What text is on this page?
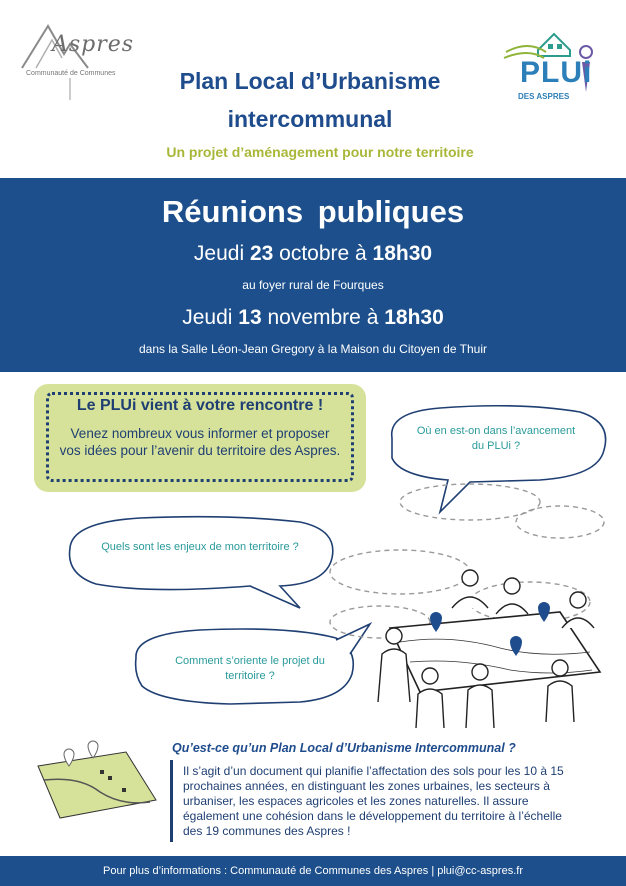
Aspres
Communauté de Communes	PLUi
DES ASPRES
Plan Local d’Urbanisme
intercommunal
Un projet d’aménagement pour notre territoire
Réunions publiques
Jeudi 23 octobre à 18h30
au foyer rural de Fourques
Jeudi 13 novembre à 18h30
dans la Salle Léon-Jean Gregory à la Maison du Citoyen de Thuir
Le PLUi vient à votre rencontre !
Venez nombreux vous informer et proposer vos idées pour l’avenir du territoire des Aspres.
Où en est-on dans l’avancement du PLUi ?
Quels sont les enjeux de mon territoire ?
Comment s’oriente le projet du territoire ?
Qu’est-ce qu’un Plan Local d’Urbanisme Intercommunal ?
Il s’agit d’un document qui planifie l’affectation des sols pour les 10 à 15 prochaines années, en distinguant les zones urbaines, les secteurs à urbaniser, les espaces agricoles et les zones naturelles. Il assure également une cohésion dans le développement du territoire à l’échelle des 19 communes des Aspres !
Pour plus d’informations : Communauté de Communes des Aspres | plui@cc-aspres.fr
